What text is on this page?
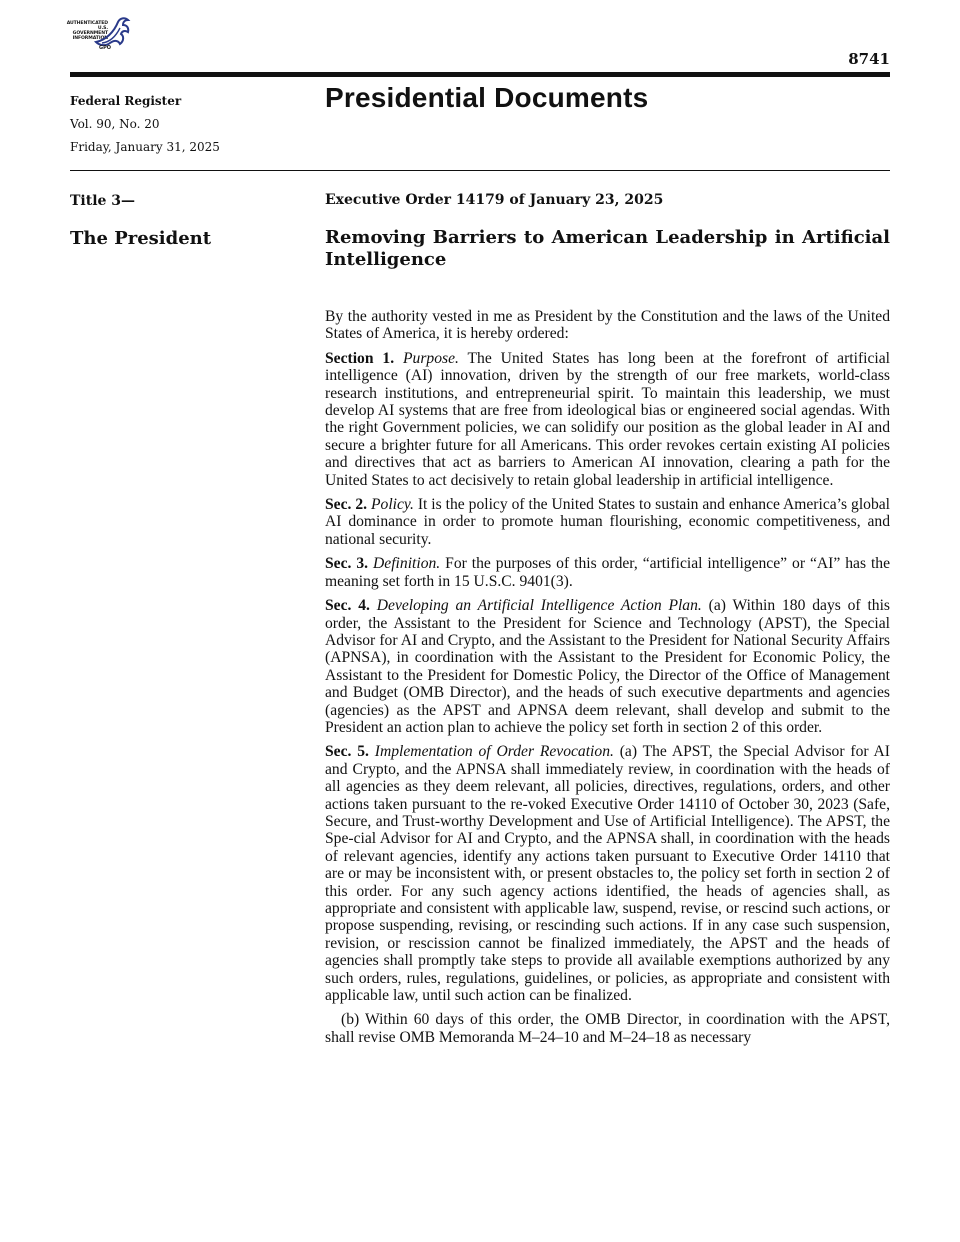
AUTHENTICATED
U.S. GOVERNMENT
INFORMATION
GPO
8741
Federal Register
Vol. 90, No. 20
Friday, January 31, 2025
Presidential Documents
Title 3—
The President
Executive Order 14179 of January 23, 2025
Removing Barriers to American Leadership in Artificial Intelligence

By the authority vested in me as President by the Constitution and the laws of the United States of America, it is hereby ordered:

Section 1. Purpose. The United States has long been at the forefront of artificial intelligence (AI) innovation, driven by the strength of our free markets, world-class research institutions, and entrepreneurial spirit. To maintain this leadership, we must develop AI systems that are free from ideological bias or engineered social agendas. With the right Government policies, we can solidify our position as the global leader in AI and secure a brighter future for all Americans. This order revokes certain existing AI policies and directives that act as barriers to American AI innovation, clearing a path for the United States to act decisively to retain global leadership in artificial intelligence.

Sec. 2. Policy. It is the policy of the United States to sustain and enhance America’s global AI dominance in order to promote human flourishing, economic competitiveness, and national security.

Sec. 3. Definition. For the purposes of this order, “artificial intelligence” or “AI” has the meaning set forth in 15 U.S.C. 9401(3).

Sec. 4. Developing an Artificial Intelligence Action Plan. (a) Within 180 days of this order, the Assistant to the President for Science and Technology (APST), the Special Advisor for AI and Crypto, and the Assistant to the President for National Security Affairs (APNSA), in coordination with the Assistant to the President for Economic Policy, the Assistant to the President for Domestic Policy, the Director of the Office of Management and Budget (OMB Director), and the heads of such executive departments and agencies (agencies) as the APST and APNSA deem relevant, shall develop and submit to the President an action plan to achieve the policy set forth in section 2 of this order.

Sec. 5. Implementation of Order Revocation. (a) The APST, the Special Advisor for AI and Crypto, and the APNSA shall immediately review, in coordination with the heads of all agencies as they deem relevant, all policies, directives, regulations, orders, and other actions taken pursuant to the re-voked Executive Order 14110 of October 30, 2023 (Safe, Secure, and Trust-worthy Development and Use of Artificial Intelligence). The APST, the Spe-cial Advisor for AI and Crypto, and the APNSA shall, in coordination with the heads of relevant agencies, identify any actions taken pursuant to Executive Order 14110 that are or may be inconsistent with, or present obstacles to, the policy set forth in section 2 of this order. For any such agency actions identified, the heads of agencies shall, as appropriate and consistent with applicable law, suspend, revise, or rescind such actions, or propose suspending, revising, or rescinding such actions. If in any case such suspension, revision, or rescission cannot be finalized immediately, the APST and the heads of agencies shall promptly take steps to provide all available exemptions authorized by any such orders, rules, regulations, guidelines, or policies, as appropriate and consistent with applicable law, until such action can be finalized.

(b) Within 60 days of this order, the OMB Director, in coordination with the APST, shall revise OMB Memoranda M–24–10 and M–24–18 as necessary
